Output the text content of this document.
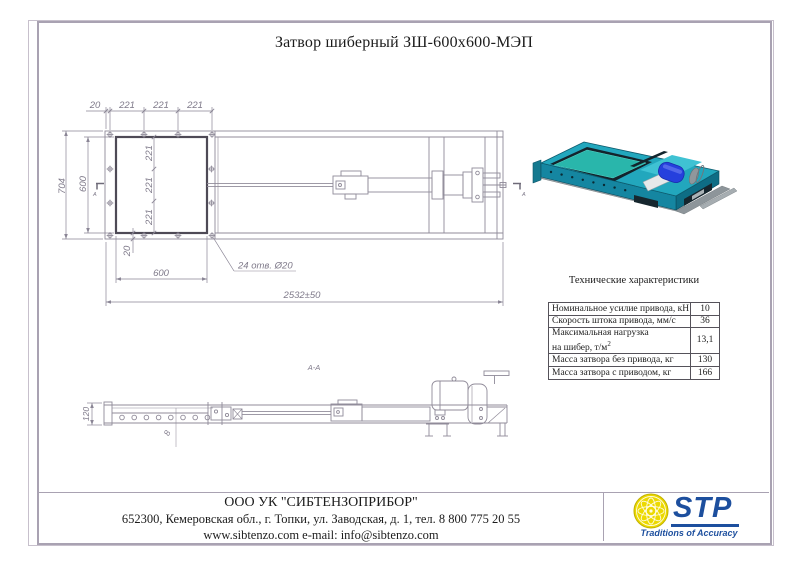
Затвор шиберный ЗШ-600х600-МЭП
А	А
20 221 221 221
704 600
221
221
221
20
600
24 отв. Ø20
2532±50
А-А
120
8
Технические характеристики
Номинальное усилие привода, кН	10
Скорость штока привода, мм/с	36
Максимальная нагрузка
на шибер, $т/м^2$	13,1
Масса затвора без привода, кг	130
Масса затвора с приводом, кг	166
ООО УК "СИБТЕНЗОПРИБОР"
652300, Кемеровская обл., г. Топки, ул. Заводская, д. 1, тел. 8 800 775 20 55
www.sibtenzo.com e-mail: info@sibtenzo.com
STP
Traditions of Accuracy
